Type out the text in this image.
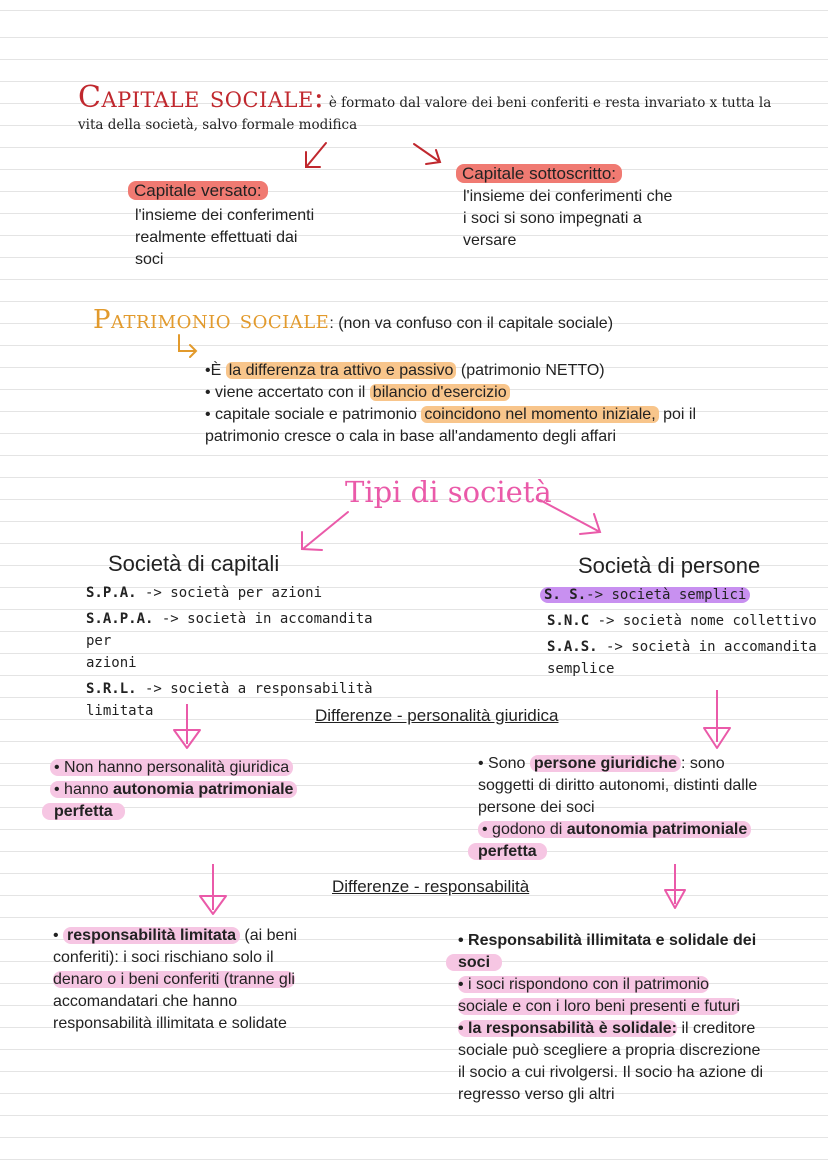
Capitale sociale: è formato dal valore dei beni conferiti e resta invariato x tutta la
vita della società, salvo formale modifica
Capitale versato:
l'insieme dei conferimenti
realmente effettuati dai
soci
Capitale sottoscritto:
l'insieme dei conferimenti che
i soci si sono impegnati a
versare
Patrimonio sociale: (non va confuso con il capitale sociale)
•È la differenza tra attivo e passivo (patrimonio NETTO)
• viene accertato con il bilancio d'esercizio
• capitale sociale e patrimonio coincidono nel momento iniziale, poi il
patrimonio cresce o cala in base all'andamento degli affari
Tipi di società
Società di capitali
S.P.A. -> società per azioni
S.A.P.A. -> società in accomandita per
azioni
S.R.L. -> società a responsabilità
limitata
Società di persone
S. S.-> società semplici
S.N.C -> società nome collettivo
S.A.S. -> società in accomandita
semplice
Differenze - personalità giuridica
• Non hanno personalità giuridica
• hanno autonomia patrimoniale
perfetta
• Sono persone giuridiche : sono
soggetti di diritto autonomi, distinti dalle
persone dei soci
• godono di autonomia patrimoniale
perfetta
Differenze - responsabilità
• responsabilità limitata (ai beni
conferiti): i soci rischiano solo il
denaro o i beni conferiti (tranne gli
accomandatari che hanno
responsabilità illimitata e solidate
• Responsabilità illimitata e solidale dei
soci
• i soci rispondono con il patrimonio
sociale e con i loro beni presenti e futuri
• la responsabilità è solidale: il creditore
sociale può scegliere a propria discrezione
il socio a cui rivolgersi. Il socio ha azione di
regresso verso gli altri
